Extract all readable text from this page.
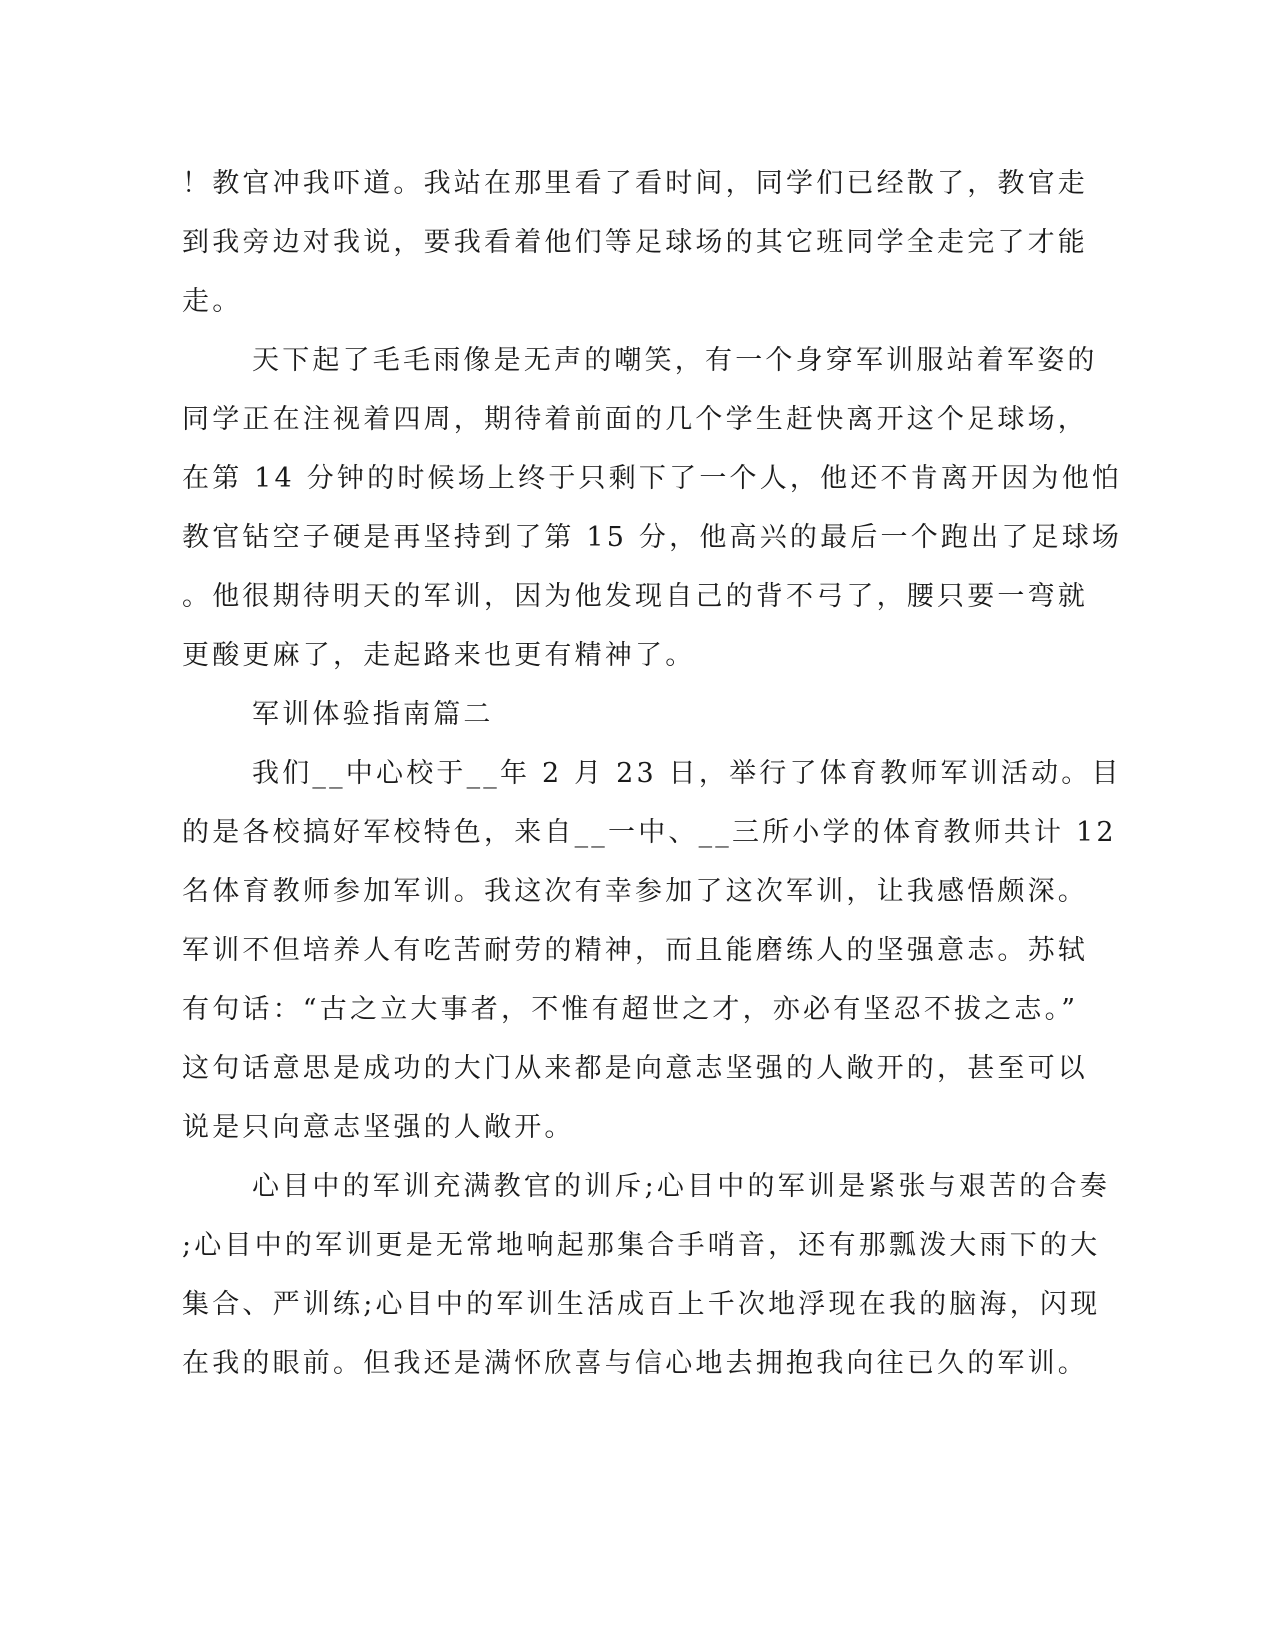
！教官冲我吓道。我站在那里看了看时间，同学们已经散了，教官走
到我旁边对我说，要我看着他们等足球场的其它班同学全走完了才能
走。
天下起了毛毛雨像是无声的嘲笑，有一个身穿军训服站着军姿的
同学正在注视着四周，期待着前面的几个学生赶快离开这个足球场，
在第 14 分钟的时候场上终于只剩下了一个人，他还不肯离开因为他怕
教官钻空子硬是再坚持到了第 15 分，他高兴的最后一个跑出了足球场
。他很期待明天的军训，因为他发现自己的背不弓了，腰只要一弯就
更酸更麻了，走起路来也更有精神了。
军训体验指南篇二
我们__中心校于__年 2 月 23 日，举行了体育教师军训活动。目
的是各校搞好军校特色，来自__一中、__三所小学的体育教师共计 12
名体育教师参加军训。我这次有幸参加了这次军训，让我感悟颇深。
军训不但培养人有吃苦耐劳的精神，而且能磨练人的坚强意志。苏轼
有句话：“古之立大事者，不惟有超世之才，亦必有坚忍不拔之志。”
这句话意思是成功的大门从来都是向意志坚强的人敞开的，甚至可以
说是只向意志坚强的人敞开。
心目中的军训充满教官的训斥;心目中的军训是紧张与艰苦的合奏
;心目中的军训更是无常地响起那集合手哨音，还有那瓢泼大雨下的大
集合、严训练;心目中的军训生活成百上千次地浮现在我的脑海，闪现
在我的眼前。但我还是满怀欣喜与信心地去拥抱我向往已久的军训。
